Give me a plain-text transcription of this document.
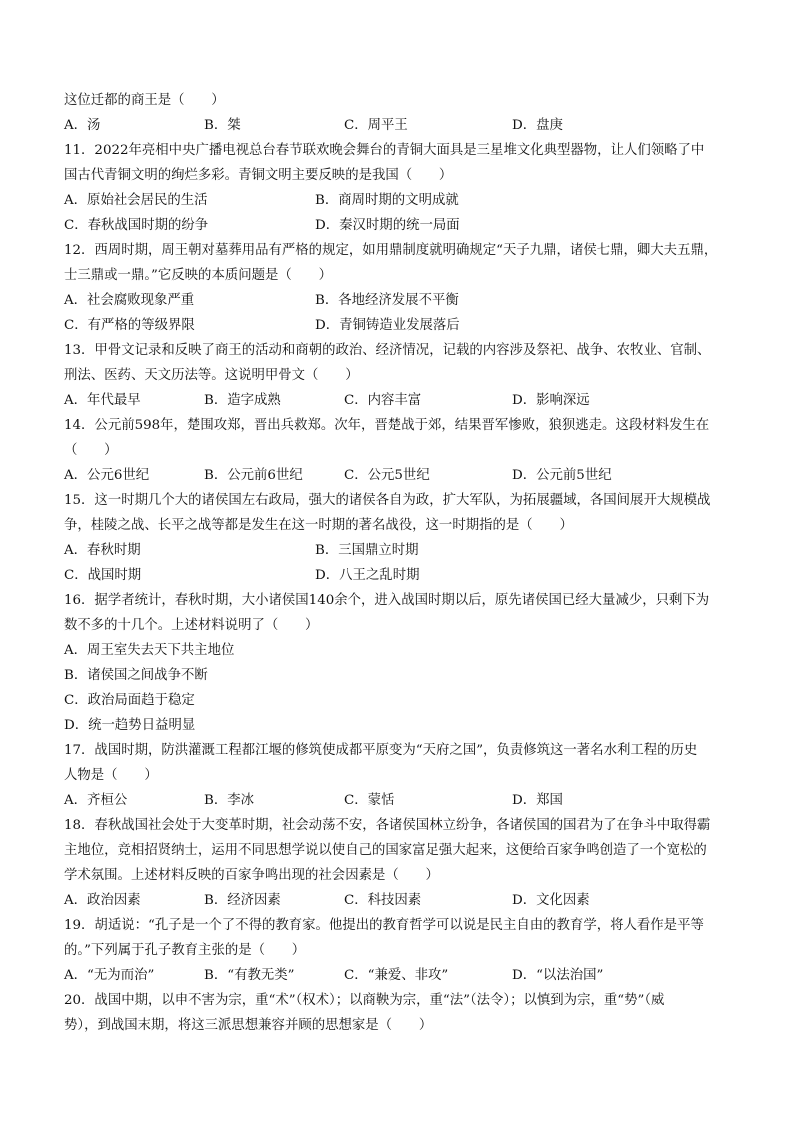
这位迁都的商王是（　　）
A．汤	B．桀	C．周平王	D．盘庚
11．2022年亮相中央广播电视总台春节联欢晚会舞台的青铜大面具是三星堆文化典型器物，让人们领略了中
国古代青铜文明的绚烂多彩。青铜文明主要反映的是我国（　　）
A．原始社会居民的生活	B．商周时期的文明成就
C．春秋战国时期的纷争	D．秦汉时期的统一局面
12．西周时期，周王朝对墓葬用品有严格的规定，如用鼎制度就明确规定“天子九鼎，诸侯七鼎，卿大夫五鼎，
士三鼎或一鼎。”它反映的本质问题是（　　）
A．社会腐败现象严重	B．各地经济发展不平衡
C．有严格的等级界限	D．青铜铸造业发展落后
13．甲骨文记录和反映了商王的活动和商朝的政治、经济情况，记载的内容涉及祭祀、战争、农牧业、官制、
刑法、医药、天文历法等。这说明甲骨文（　　）
A．年代最早	B．造字成熟	C．内容丰富	D．影响深远
14．公元前598年，楚围攻郑，晋出兵救郑。次年，晋楚战于郊，结果晋军惨败，狼狈逃走。这段材料发生在
（　　）
A．公元6世纪	B．公元前6世纪	C．公元5世纪	D．公元前5世纪
15．这一时期几个大的诸侯国左右政局，强大的诸侯各自为政，扩大军队，为拓展疆域，各国间展开大规模战
争，桂陵之战、长平之战等都是发生在这一时期的著名战役，这一时期指的是（　　）
A．春秋时期	B．三国鼎立时期
C．战国时期	D．八王之乱时期
16．据学者统计，春秋时期，大小诸侯国140余个，进入战国时期以后，原先诸侯国已经大量减少，只剩下为
数不多的十几个。上述材料说明了（　　）
A．周王室失去天下共主地位
B．诸侯国之间战争不断
C．政治局面趋于稳定
D．统一趋势日益明显
17．战国时期，防洪灌溉工程都江堰的修筑使成都平原变为“天府之国”，负责修筑这一著名水利工程的历史
人物是（　　）
A．齐桓公	B．李冰	C．蒙恬	D．郑国
18．春秋战国社会处于大变革时期，社会动荡不安，各诸侯国林立纷争，各诸侯国的国君为了在争斗中取得霸
主地位，竞相招贤纳士，运用不同思想学说以使自己的国家富足强大起来，这便给百家争鸣创造了一个宽松的
学术氛围。上述材料反映的百家争鸣出现的社会因素是（　　）
A．政治因素	B．经济因素	C．科技因素	D．文化因素
19．胡适说：“孔子是一个了不得的教育家。他提出的教育哲学可以说是民主自由的教育学，将人看作是平等
的。”下列属于孔子教育主张的是（　　）
A．“无为而治”	B．“有教无类”	C．“兼爱、非攻”	D．“以法治国”
20．战国中期，以申不害为宗，重“术”（权术）；以商鞅为宗，重“法”（法令）；以慎到为宗，重“势”（威
势），到战国末期，将这三派思想兼容并顾的思想家是（　　）
